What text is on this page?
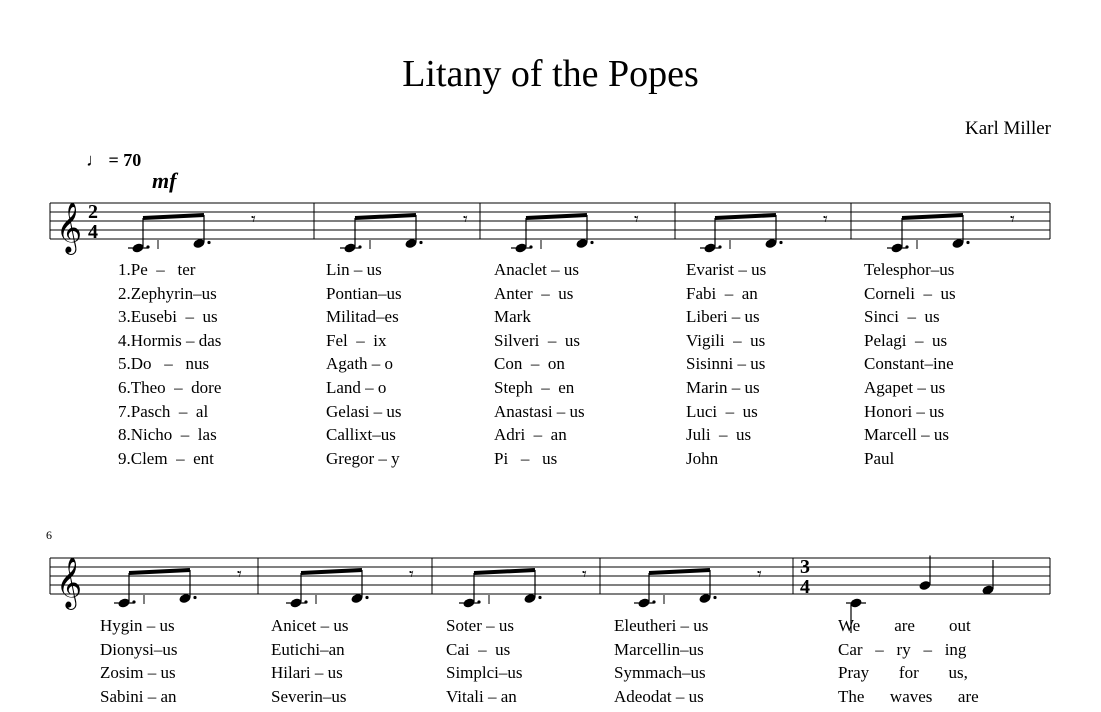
Litany of the Popes
Karl Miller
♩ = 70
mf
6
𝄞 2
4
𝄞	3
4
𝄾	𝄾	𝄾	𝄾	𝄾
𝄾	𝄾	𝄾	𝄾
1.Pe  –   ter	Lin – us	Anaclet – us	Evarist – us	Telesphor–us
2.Zephyrin–us	Pontian–us	Anter  –  us	Fabi  –  an	Corneli  –  us
3.Eusebi  –  us	Militad–es	Mark	Liberi – us	Sinci  –  us
4.Hormis – das	Fel  –  ix	Silveri  –  us	Vigili  –  us	Pelagi  –  us
5.Do   –   nus	Agath – o	Con  –  on	Sisinni – us	Constant–ine
6.Theo  –  dore	Land – o	Steph  –  en	Marin – us	Agapet – us
7.Pasch  –  al	Gelasi – us	Anastasi – us	Luci  –  us	Honori – us
8.Nicho  –  las	Callixt–us	Adri  –  an	Juli  –  us	Marcell – us
9.Clem  –  ent	Gregor – y	Pi   –   us	John	Paul
Hygin – us	Anicet – us	Soter – us	Eleutheri – us	We        are        out
Dionysi–us	Eutichi–an	Cai  –  us	Marcellin–us	Car   –   ry   –   ing
Zosim – us	Hilari – us	Simplci–us	Symmach–us	Pray       for       us,
Sabini – an	Severin–us	Vitali – an	Adeodat – us	The      waves      are
